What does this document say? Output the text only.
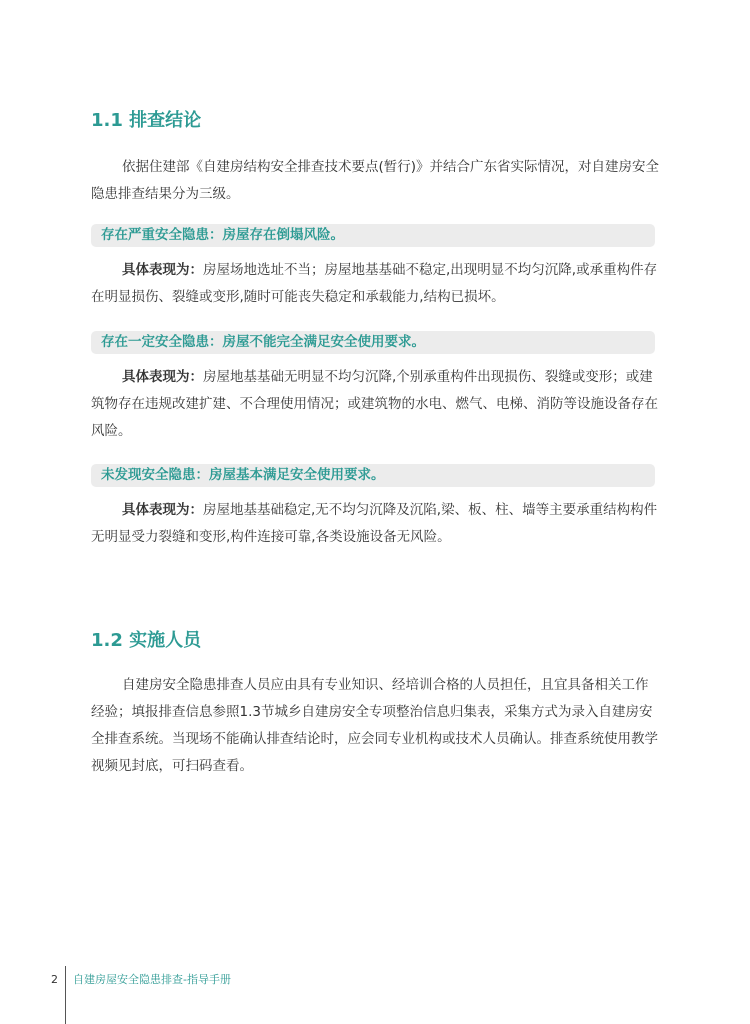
1.1 排查结论

依据住建部《自建房结构安全排查技术要点(暂行)》并结合广东省实际情况，对自建房安全隐患排查结果分为三级。

存在严重安全隐患：房屋存在倒塌风险。

具体表现为：房屋场地选址不当；房屋地基基础不稳定,出现明显不均匀沉降,或承重构件存在明显损伤、裂缝或变形,随时可能丧失稳定和承载能力,结构已损坏。

存在一定安全隐患：房屋不能完全满足安全使用要求。

具体表现为：房屋地基基础无明显不均匀沉降,个别承重构件出现损伤、裂缝或变形；或建筑物存在违规改建扩建、不合理使用情况；或建筑物的水电、燃气、电梯、消防等设施设备存在风险。

未发现安全隐患：房屋基本满足安全使用要求。

具体表现为：房屋地基基础稳定,无不均匀沉降及沉陷,梁、板、柱、墙等主要承重结构构件无明显受力裂缝和变形,构件连接可靠,各类设施设备无风险。

1.2 实施人员

自建房安全隐患排查人员应由具有专业知识、经培训合格的人员担任，且宜具备相关工作经验；填报排查信息参照1.3节城乡自建房安全专项整治信息归集表，采集方式为录入自建房安全排查系统。当现场不能确认排查结论时，应会同专业机构或技术人员确认。排查系统使用教学视频见封底，可扫码查看。

2 自建房屋安全隐患排查-指导手册
